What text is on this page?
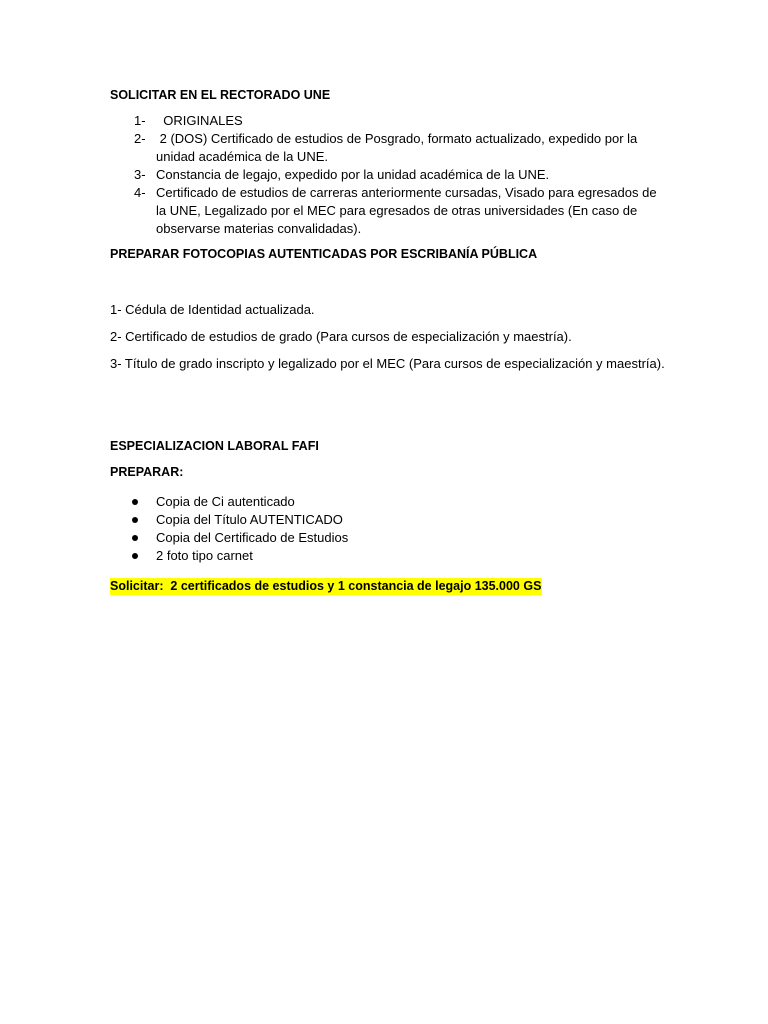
SOLICITAR EN EL RECTORADO UNE
1- ORIGINALES
2- 2 (DOS) Certificado de estudios de Posgrado, formato actualizado, expedido por la unidad académica de la UNE.
3- Constancia de legajo, expedido por la unidad académica de la UNE.
4- Certificado de estudios de carreras anteriormente cursadas, Visado para egresados de la UNE, Legalizado por el MEC para egresados de otras universidades (En caso de observarse materias convalidadas).
PREPARAR FOTOCOPIAS AUTENTICADAS POR ESCRIBANÍA PÚBLICA
1- Cédula de Identidad actualizada.
2- Certificado de estudios de grado (Para cursos de especialización y maestría).
3- Título de grado inscripto y legalizado por el MEC (Para cursos de especialización y maestría).
ESPECIALIZACION LABORAL FAFI
PREPARAR:
Copia de Ci autenticado
Copia del Título AUTENTICADO
Copia del Certificado de Estudios
2 foto tipo carnet
Solicitar:  2 certificados de estudios y 1 constancia de legajo 135.000 GS
